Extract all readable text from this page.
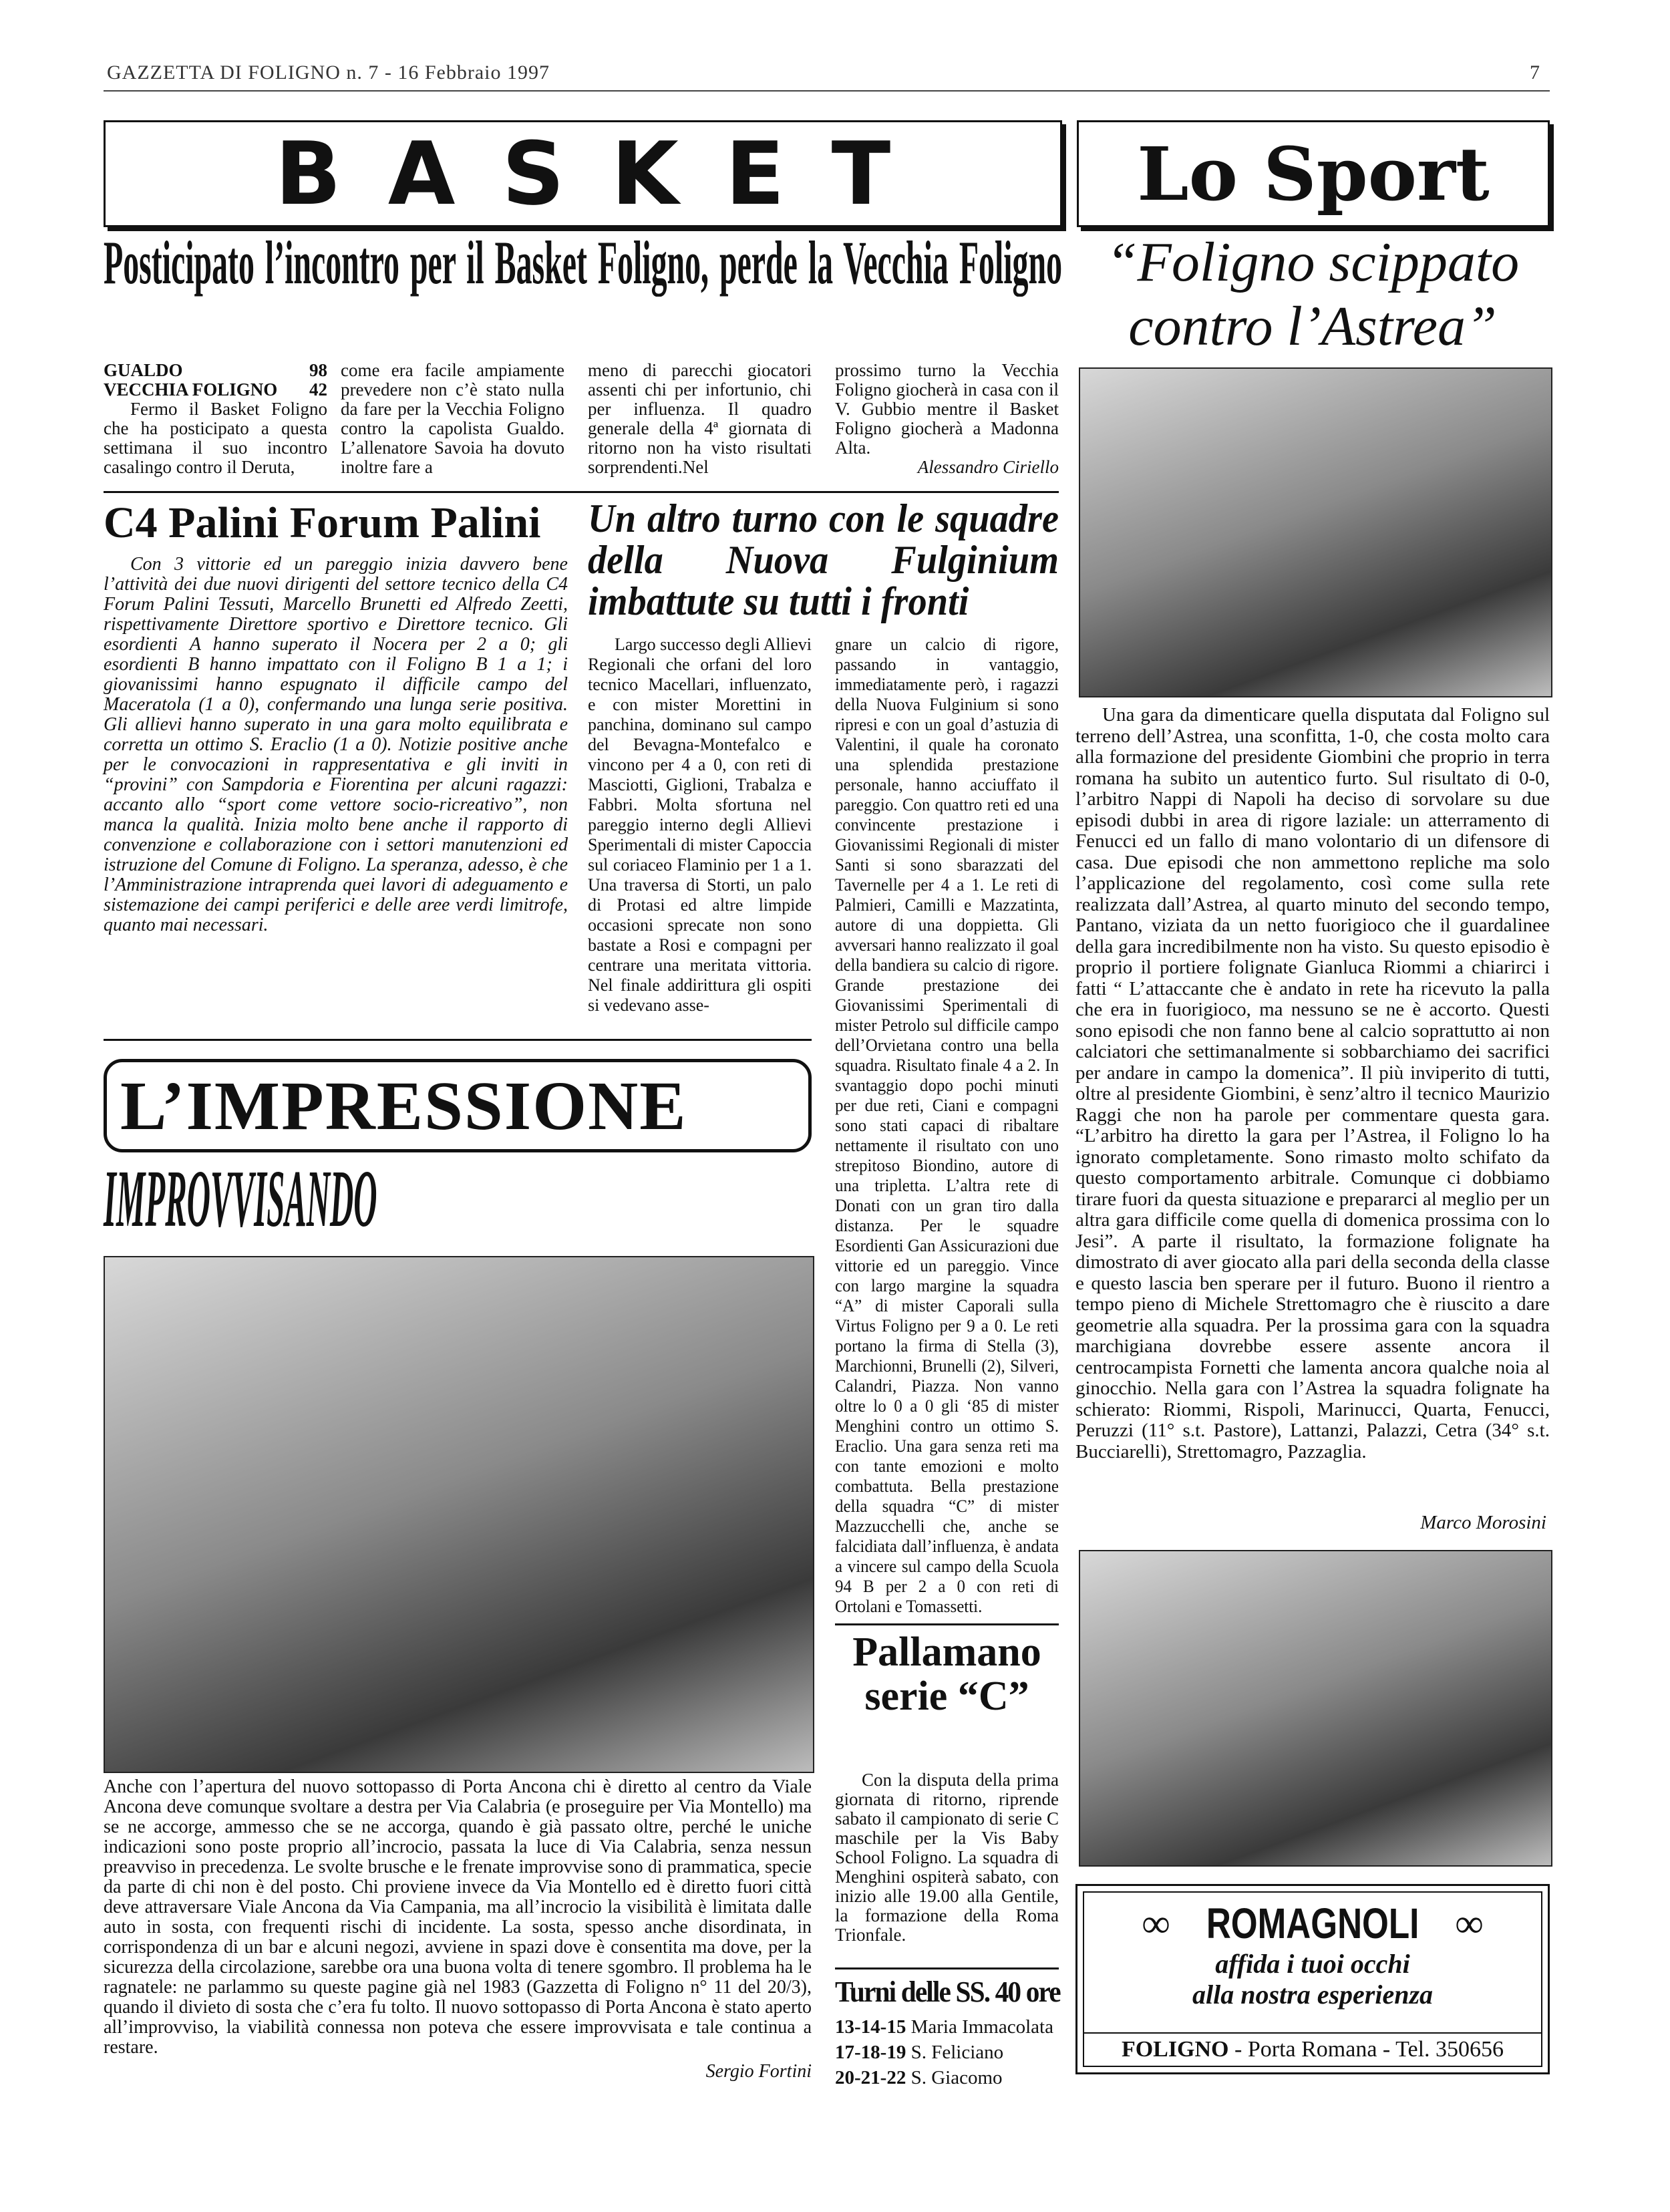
GAZZETTA DI FOLIGNO n. 7 - 16 Febbraio 1997	7
BASKET	Lo Sport
Posticipato l’incontro per il Basket Foligno, perde la Vecchia Foligno
GUALDO	98
VECCHIA FOLIGNO 42
Fermo il Basket Foligno che ha posticipato a questa settimana il suo incontro casalingo contro il Deruta,
come era facile ampiamente prevedere non c’è stato nulla da fare per la Vecchia Foligno contro la capolista Gualdo. L’allenatore Savoia ha dovuto inoltre fare a
meno di parecchi giocatori assenti chi per infortunio, chi per influenza. Il quadro generale della 4ª giornata di ritorno non ha visto risultati sorprendenti.Nel
prossimo turno la Vecchia Foligno giocherà in casa con il V. Gubbio mentre il Basket Foligno giocherà a Madonna Alta.
Alessandro Ciriello
C4 Palini Forum Palini
Con 3 vittorie ed un pareggio inizia davvero bene l’attività dei due nuovi dirigenti del settore tecnico della C4 Forum Palini Tessuti, Marcello Brunetti ed Alfredo Zeetti, rispettivamente Direttore sportivo e Direttore tecnico. Gli esordienti A hanno superato il Nocera per 2 a 0; gli esordienti B hanno impattato con il Foligno B 1 a 1; i giovanissimi hanno espugnato il difficile campo del Maceratola (1 a 0), confermando una lunga serie positiva. Gli allievi hanno superato in una gara molto equilibrata e corretta un ottimo S. Eraclio (1 a 0). Notizie positive anche per le convocazioni in rappresentativa e gli inviti in “provini” con Sampdoria e Fiorentina per alcuni ragazzi: accanto allo “sport come vettore socio-ricreativo”, non manca la qualità. Inizia molto bene anche il rapporto di convenzione e collaborazione con i settori manutenzioni ed istruzione del Comune di Foligno. La speranza, adesso, è che l’Amministrazione intraprenda quei lavori di adeguamento e sistemazione dei campi periferici e delle aree verdi limitrofe, quanto mai necessari.
Un altro turno con le squadre della Nuova Fulginium imbattute su tutti i fronti
Largo successo degli Allievi Regionali che orfani del loro tecnico Macellari, influenzato, e con mister Morettini in panchina, dominano sul campo del Bevagna-Montefalco e vincono per 4 a 0, con reti di Masciotti, Giglioni, Trabalza e Fabbri. Molta sfortuna nel pareggio interno degli Allievi Sperimentali di mister Capoccia sul coriaceo Flaminio per 1 a 1. Una traversa di Storti, un palo di Protasi ed altre limpide occasioni sprecate non sono bastate a Rosi e compagni per centrare una meritata vittoria. Nel finale addirittura gli ospiti si vedevano asse-
gnare un calcio di rigore, passando in vantaggio, immediatamente però, i ragazzi della Nuova Fulginium si sono ripresi e con un goal d’astuzia di Valentini, il quale ha coronato una splendida prestazione personale, hanno acciuffato il pareggio. Con quattro reti ed una convincente prestazione i Giovanissimi Regionali di mister Santi si sono sbarazzati del Tavernelle per 4 a 1. Le reti di Palmieri, Camilli e Mazzatinta, autore di una doppietta. Gli avversari hanno realizzato il goal della bandiera su calcio di rigore. Grande prestazione dei Giovanissimi Sperimentali di mister Petrolo sul difficile campo dell’Orvietana contro una bella squadra. Risultato finale 4 a 2. In svantaggio dopo pochi minuti per due reti, Ciani e compagni sono stati capaci di ribaltare nettamente il risultato con uno strepitoso Biondino, autore di una tripletta. L’altra rete di Donati con un gran tiro dalla distanza. Per le squadre Esordienti Gan Assicurazioni due vittorie ed un pareggio. Vince con largo margine la squadra “A” di mister Caporali sulla Virtus Foligno per 9 a 0. Le reti portano la firma di Stella (3), Marchionni, Brunelli (2), Silveri, Calandri, Piazza. Non vanno oltre lo 0 a 0 gli ‘85 di mister Menghini contro un ottimo S. Eraclio. Una gara senza reti ma con tante emozioni e molto combattuta. Bella prestazione della squadra “C” di mister Mazzucchelli che, anche se falcidiata dall’influenza, è andata a vincere sul campo della Scuola 94 B per 2 a 0 con reti di Ortolani e Tomassetti.
L’IMPRESSIONE
IMPROVVISANDO
Anche con l’apertura del nuovo sottopasso di Porta Ancona chi è diretto al centro da Viale Ancona deve comunque svoltare a destra per Via Calabria (e proseguire per Via Montello) ma se ne accorge, ammesso che se ne accorga, quando è già passato oltre, perché le uniche indicazioni sono poste proprio all’incrocio, passata la luce di Via Calabria, senza nessun preavviso in precedenza. Le svolte brusche e le frenate improvvise sono di prammatica, specie da parte di chi non è del posto. Chi proviene invece da Via Montello ed è diretto fuori città deve attraversare Viale Ancona da Via Campania, ma all’incrocio la visibilità è limitata dalle auto in sosta, con frequenti rischi di incidente. La sosta, spesso anche disordinata, in corrispondenza di un bar e alcuni negozi, avviene in spazi dove è consentita ma dove, per la sicurezza della circolazione, sarebbe ora una buona volta di tenere sgombro. Il problema ha le ragnatele: ne parlammo su queste pagine già nel 1983 (Gazzetta di Foligno n° 11 del 20/3), quando il divieto di sosta che c’era fu tolto. Il nuovo sottopasso di Porta Ancona è stato aperto all’improvviso, la viabilità connessa non poteva che essere improvvisata e tale continua a restare.
Sergio Fortini
Pallamano serie “C”
Con la disputa della prima giornata di ritorno, riprende sabato il campionato di serie C maschile per la Vis Baby School Foligno. La squadra di Menghini ospiterà sabato, con inizio alle 19.00 alla Gentile, la formazione della Roma Trionfale.
Turni delle SS. 40 ore
13-14-15 Maria Immacolata
17-18-19 S. Feliciano
20-21-22 S. Giacomo
“Foligno scippato contro l’Astrea”
Una gara da dimenticare quella disputata dal Foligno sul terreno dell’Astrea, una sconfitta, 1-0, che costa molto cara alla formazione del presidente Giombini che proprio in terra romana ha subito un autentico furto. Sul risultato di 0-0, l’arbitro Nappi di Napoli ha deciso di sorvolare su due episodi dubbi in area di rigore laziale: un atterramento di Fenucci ed un fallo di mano volontario di un difensore di casa. Due episodi che non ammettono repliche ma solo l’applicazione del regolamento, così come sulla rete realizzata dall’Astrea, al quarto minuto del secondo tempo, Pantano, viziata da un netto fuorigioco che il guardalinee della gara incredibilmente non ha visto. Su questo episodio è proprio il portiere folignate Gianluca Riommi a chiarirci i fatti “ L’attaccante che è andato in rete ha ricevuto la palla che era in fuorigioco, ma nessuno se ne è accorto. Questi sono episodi che non fanno bene al calcio soprattutto ai non calciatori che settimanalmente si sobbarchiamo dei sacrifici per andare in campo la domenica”. Il più inviperito di tutti, oltre al presidente Giombini, è senz’altro il tecnico Maurizio Raggi che non ha parole per commentare questa gara. “L’arbitro ha diretto la gara per l’Astrea, il Foligno lo ha ignorato completamente. Sono rimasto molto schifato da questo comportamento arbitrale. Comunque ci dobbiamo tirare fuori da questa situazione e prepararci al meglio per un altra gara difficile come quella di domenica prossima con lo Jesi”. A parte il risultato, la formazione folignate ha dimostrato di aver giocato alla pari della seconda della classe e questo lascia ben sperare per il futuro. Buono il rientro a tempo pieno di Michele Strettomagro che è riuscito a dare geometrie alla squadra. Per la prossima gara con la squadra marchigiana dovrebbe essere assente ancora il centrocampista Fornetti che lamenta ancora qualche noia al ginocchio. Nella gara con l’Astrea la squadra folignate ha schierato: Riommi, Rispoli, Marinucci, Quarta, Fenucci, Peruzzi (11° s.t. Pastore), Lattanzi, Palazzi, Cetra (34° s.t. Bucciarelli), Strettomagro, Pazzaglia.
Marco Morosini
∞ ROMAGNOLI ∞
affida i tuoi occhi
alla nostra esperienza
FOLIGNO - Porta Romana - Tel. 350656
